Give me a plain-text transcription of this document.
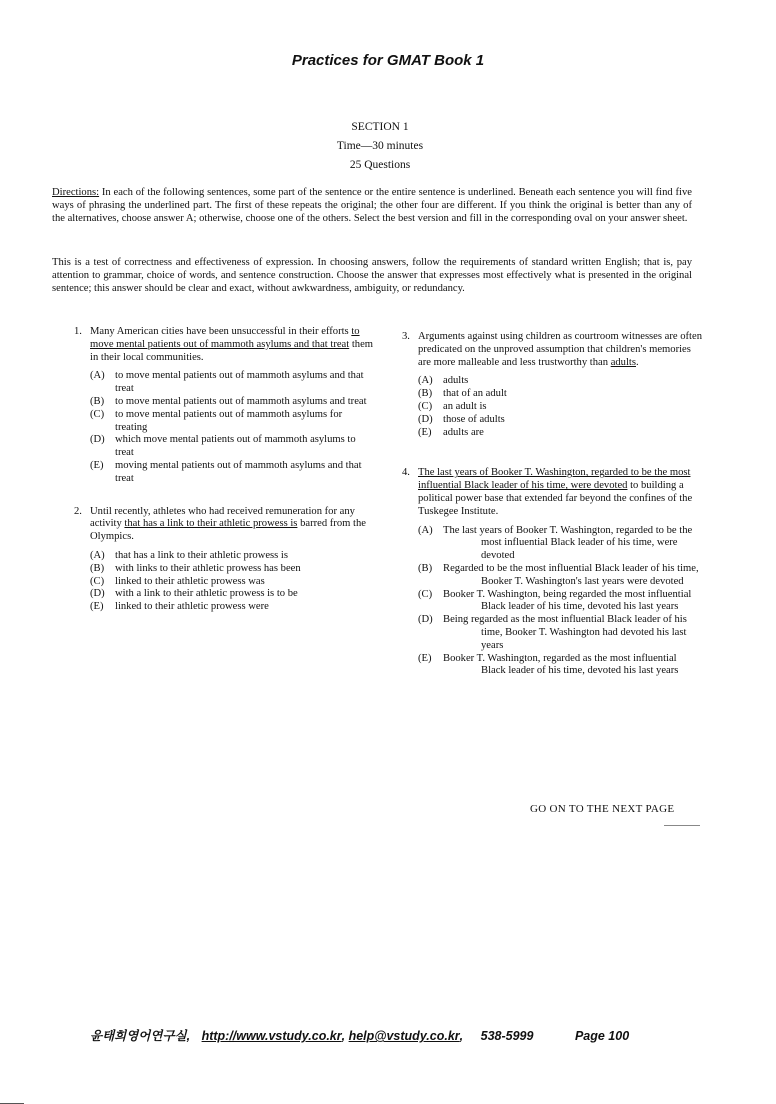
Practices for GMAT Book 1
SECTION 1
Time—30 minutes
25 Questions
Directions: In each of the following sentences, some part of the sentence or the entire sentence is underlined. Beneath each sentence you will find five ways of phrasing the underlined part. The first of these repeats the original; the other four are different. If you think the original is better than any of the alternatives, choose answer A; otherwise, choose one of the others. Select the best version and fill in the corresponding oval on your answer sheet.
This is a test of correctness and effectiveness of expression. In choosing answers, follow the requirements of standard written English; that is, pay attention to grammar, choice of words, and sentence construction. Choose the answer that expresses most effectively what is presented in the original sentence; this answer should be clear and exact, without awkwardness, ambiguity, or redundancy.
1. Many American cities have been unsuccessful in their efforts to move mental patients out of mammoth asylums and that treat them in their local communities.
(A) to move mental patients out of mammoth asylums and that treat
(B) to move mental patients out of mammoth asylums and treat
(C) to move mental patients out of mammoth asylums for treating
(D) which move mental patients out of mammoth asylums to treat
(E) moving mental patients out of mammoth asylums and that treat
2. Until recently, athletes who had received remuneration for any activity that has a link to their athletic prowess is barred from the Olympics.
(A) that has a link to their athletic prowess is
(B) with links to their athletic prowess has been
(C) linked to their athletic prowess was
(D) with a link to their athletic prowess is to be
(E) linked to their athletic prowess were
3. Arguments against using children as courtroom witnesses are often predicated on the unproved assumption that children's memories are more malleable and less trustworthy than adults.
(A) adults
(B) that of an adult
(C) an adult is
(D) those of adults
(E) adults are
4. The last years of Booker T. Washington, regarded to be the most influential Black leader of his time, were devoted to building a political power base that extended far beyond the confines of the Tuskegee Institute.
(A) The last years of Booker T. Washington, regarded to be the most influential Black leader of his time, were devoted
(B) Regarded to be the most influential Black leader of his time, Booker T. Washington's last years were devoted
(C) Booker T. Washington, being regarded the most influential Black leader of his time, devoted his last years
(D) Being regarded as the most influential Black leader of his time, Booker T. Washington had devoted his last years
(E) Booker T. Washington, regarded as the most influential Black leader of his time, devoted his last years
GO ON TO THE NEXT PAGE
윤태희영어연구실, http://www.vstudy.co.kr, help@vstudy.co.kr, 538-5999	Page 100
